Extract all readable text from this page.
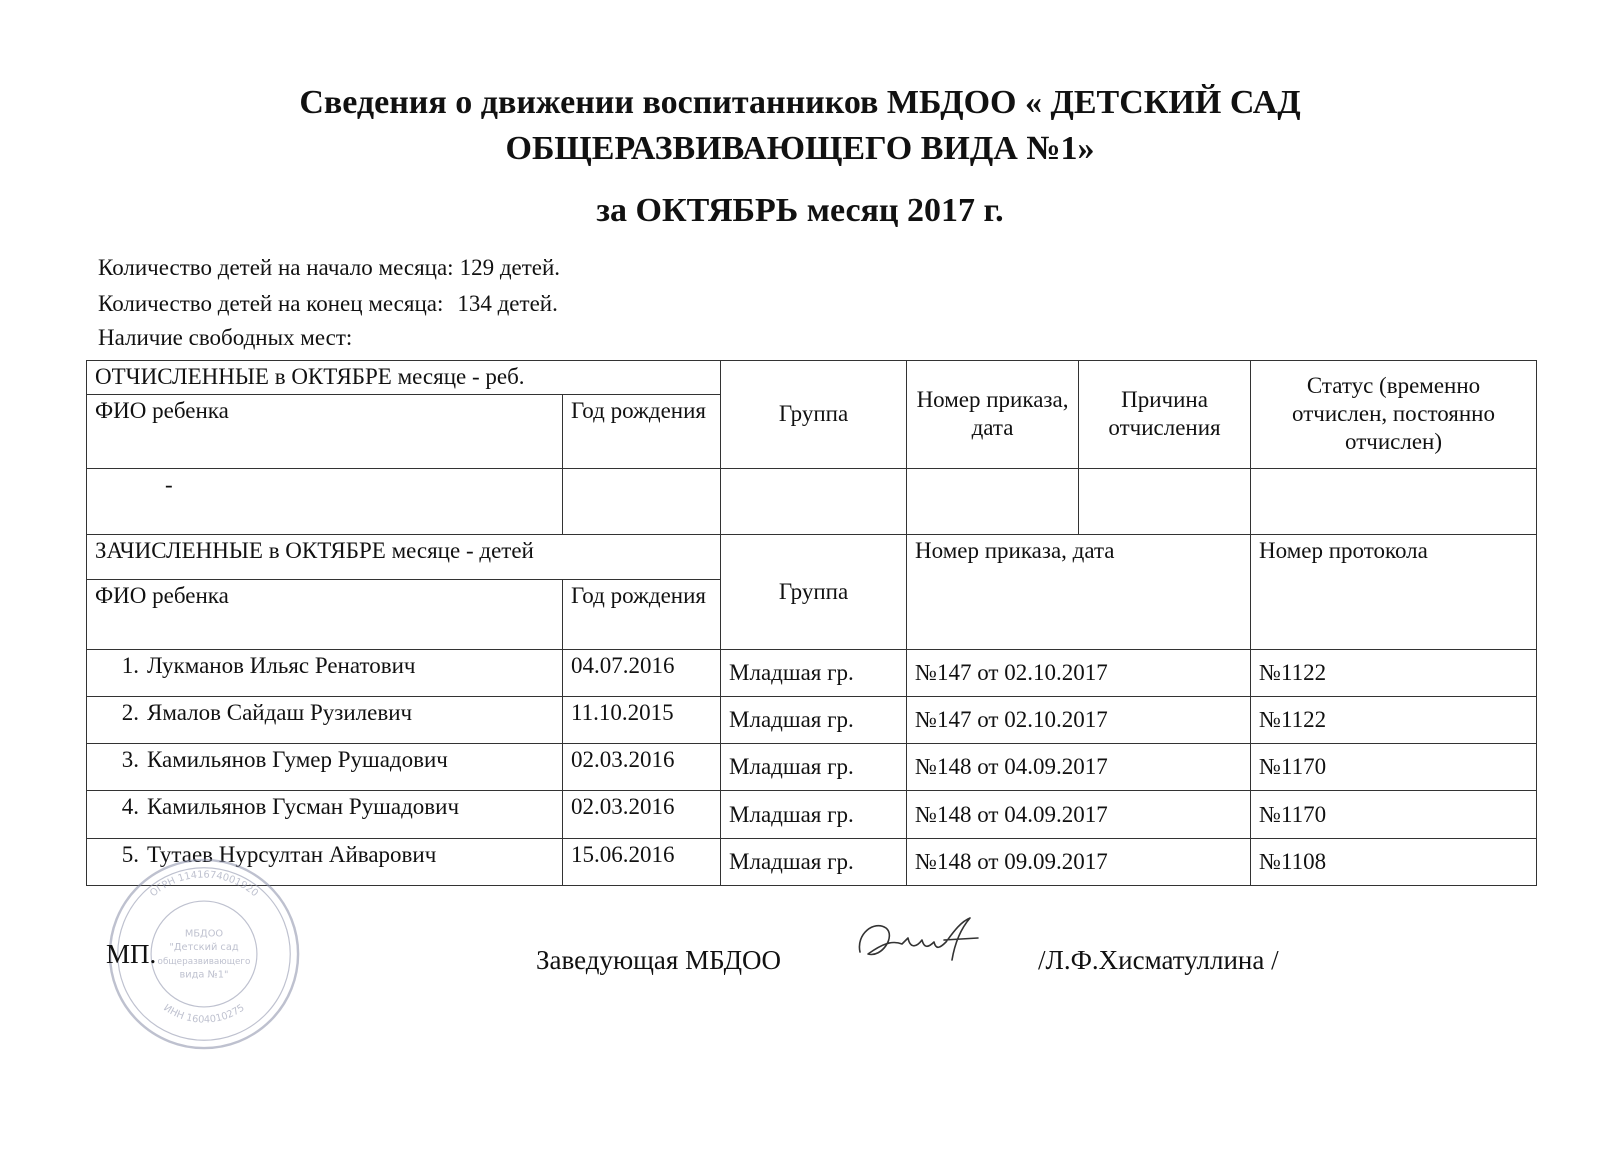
Сведения о движении воспитанников МБДОО « ДЕТСКИЙ САД
ОБЩЕРАЗВИВАЮЩЕГО ВИДА №1»
за ОКТЯБРЬ месяц 2017 г.
Количество детей на начало месяца: 129 детей.
Количество детей на конец месяца: 134 детей.
Наличие свободных мест:
ОТЧИСЛЕННЫЕ в ОКТЯБРЕ месяце - реб.		Группа	Номер приказа, дата	Причина отчисления	Статус (временно отчислен, постоянно отчислен)
ФИО ребенка	Год рождения				
-					
ЗАЧИСЛЕННЫЕ в ОКТЯБРЕ месяце - детей		Группа	Номер приказа, дата		Номер протокола
ФИО ребенка	Год рождения				
1. Лукманов Ильяс Ренатович	04.07.2016	Младшая гр.	№147 от 02.10.2017		№1122
2. Ямалов Сайдаш Рузилевич	11.10.2015	Младшая гр.	№147 от 02.10.2017		№1122
3. Камильянов Гумер Рушадович	02.03.2016	Младшая гр.	№148 от 04.09.2017		№1170
4. Камильянов Гусман Рушадович	02.03.2016	Младшая гр.	№148 от 04.09.2017		№1170
5. Тутаев Нурсултан Айварович	15.06.2016	Младшая гр.	№148 от 09.09.2017		№1108
ОГРН 1141674001920
ИНН 1604010275
МБДОО
"Детский сад
общеразвивающего
вида №1"
МП.	Заведующая МБДОО	/Л.Ф.Хисматуллина /
